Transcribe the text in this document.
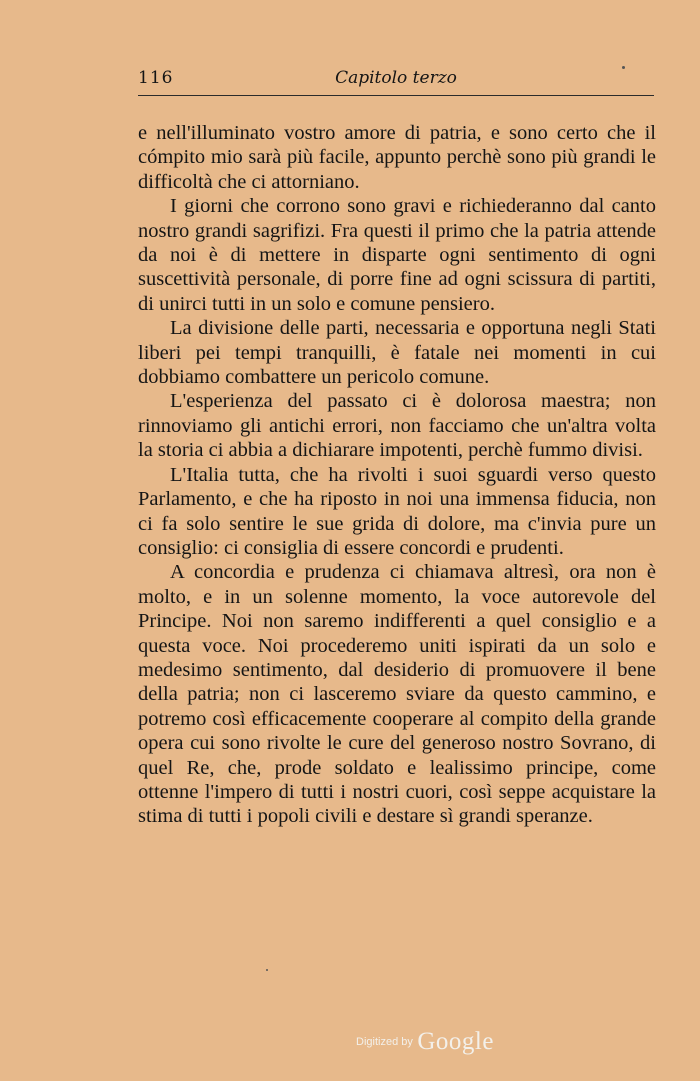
116	Capitolo terzo

e nell'illuminato vostro amore di patria, e sono certo che il cómpito mio sarà più facile, appunto perchè sono più grandi le difficoltà che ci attorniano.

I giorni che corrono sono gravi e richiederanno dal canto nostro grandi sagrifizi. Fra questi il primo che la patria attende da noi è di mettere in disparte ogni sentimento di ogni suscettività personale, di porre fine ad ogni scissura di partiti, di unirci tutti in un solo e comune pensiero.

La divisione delle parti, necessaria e opportuna negli Stati liberi pei tempi tranquilli, è fatale nei momenti in cui dobbiamo combattere un pericolo comune.

L'esperienza del passato ci è dolorosa maestra; non rinnoviamo gli antichi errori, non facciamo che un'altra volta la storia ci abbia a dichiarare impotenti, perchè fummo divisi.

L'Italia tutta, che ha rivolti i suoi sguardi verso questo Parlamento, e che ha riposto in noi una immensa fiducia, non ci fa solo sentire le sue grida di dolore, ma c'invia pure un consiglio: ci consiglia di essere concordi e prudenti.

A concordia e prudenza ci chiamava altresì, ora non è molto, e in un solenne momento, la voce autorevole del Principe. Noi non saremo indifferenti a quel consiglio e a questa voce. Noi procederemo uniti ispirati da un solo e medesimo sentimento, dal desiderio di promuovere il bene della patria; non ci lasceremo sviare da questo cammino, e potremo così efficacemente cooperare al compito della grande opera cui sono rivolte le cure del generoso nostro Sovrano, di quel Re, che, prode soldato e lealissimo principe, come ottenne l'impero di tutti i nostri cuori, così seppe acquistare la stima di tutti i popoli civili e destare sì grandi speranze.

Digitized by Google
